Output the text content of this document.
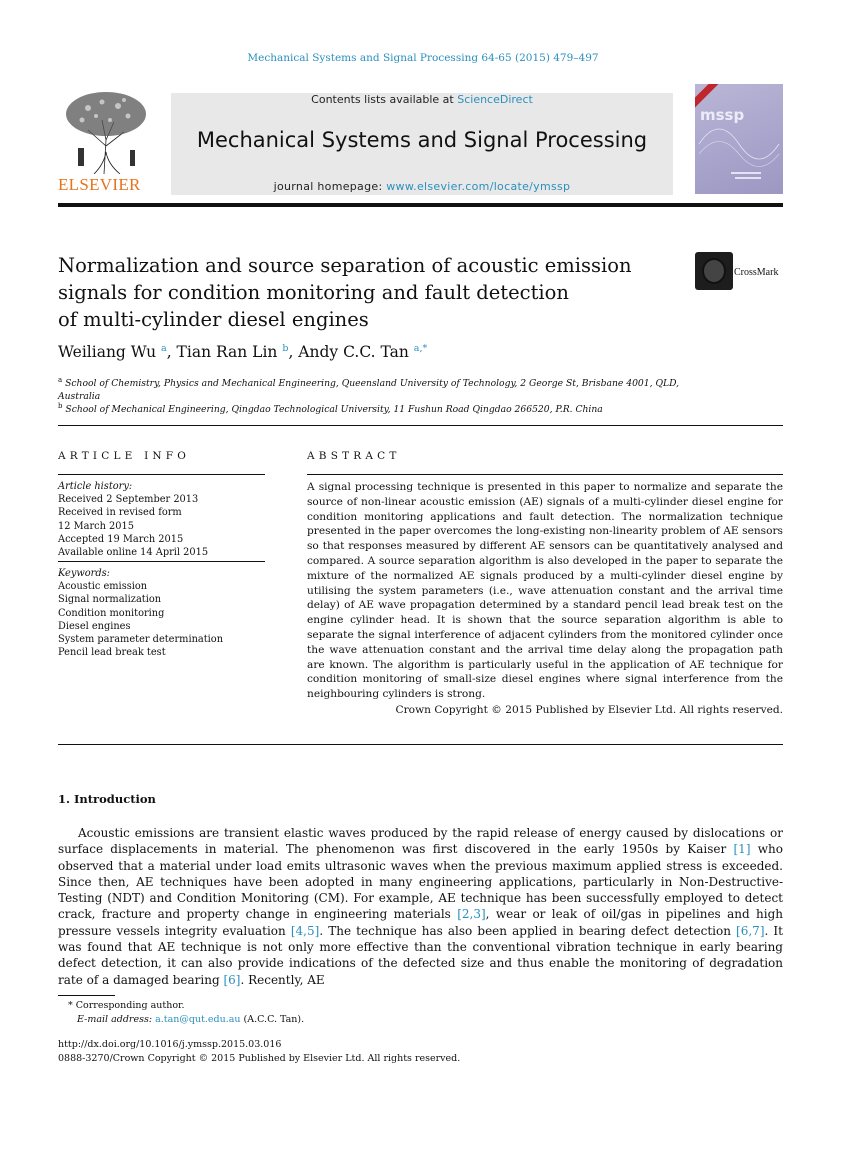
Mechanical Systems and Signal Processing 64-65 (2015) 479–497
ELSEVIER
Contents lists available at ScienceDirect
Mechanical Systems and Signal Processing
journal homepage: www.elsevier.com/locate/ymssp
mssp
Normalization and source separation of acoustic emission
signals for condition monitoring and fault detection
of multi-cylinder diesel engines
CrossMark
Weiliang Wu $^a$, Tian Ran Lin $^b$, Andy C.C. Tan $^{a,*}$
$^a$ School of Chemistry, Physics and Mechanical Engineering, Queensland University of Technology, 2 George St, Brisbane 4001, QLD, Australia
$^b$ School of Mechanical Engineering, Qingdao Technological University, 11 Fushun Road Qingdao 266520, P.R. China
ARTICLE INFO
Article history:
Received 2 September 2013
Received in revised form
12 March 2015
Accepted 19 March 2015
Available online 14 April 2015
Keywords:
Acoustic emission
Signal normalization
Condition monitoring
Diesel engines
System parameter determination
Pencil lead break test
ABSTRACT
A signal processing technique is presented in this paper to normalize and separate the source of non-linear acoustic emission (AE) signals of a multi-cylinder diesel engine for condition monitoring applications and fault detection. The normalization technique presented in the paper overcomes the long-existing non-linearity problem of AE sensors so that responses measured by different AE sensors can be quantitatively analysed and compared. A source separation algorithm is also developed in the paper to separate the mixture of the normalized AE signals produced by a multi-cylinder diesel engine by utilising the system parameters (i.e., wave attenuation constant and the arrival time delay) of AE wave propagation determined by a standard pencil lead break test on the engine cylinder head. It is shown that the source separation algorithm is able to separate the signal interference of adjacent cylinders from the monitored cylinder once the wave attenuation constant and the arrival time delay along the propagation path are known. The algorithm is particularly useful in the application of AE technique for condition monitoring of small-size diesel engines where signal interference from the neighbouring cylinders is strong.
Crown Copyright © 2015 Published by Elsevier Ltd. All rights reserved.
1. Introduction
Acoustic emissions are transient elastic waves produced by the rapid release of energy caused by dislocations or surface displacements in material. The phenomenon was first discovered in the early 1950s by Kaiser [1] who observed that a material under load emits ultrasonic waves when the previous maximum applied stress is exceeded. Since then, AE techniques have been adopted in many engineering applications, particularly in Non-Destructive-Testing (NDT) and Condition Monitoring (CM). For example, AE technique has been successfully employed to detect crack, fracture and property change in engineering materials [2,3], wear or leak of oil/gas in pipelines and high pressure vessels integrity evaluation [4,5]. The technique has also been applied in bearing defect detection [6,7]. It was found that AE technique is not only more effective than the conventional vibration technique in early bearing defect detection, it can also provide indications of the defected size and thus enable the monitoring of degradation rate of a damaged bearing [6]. Recently, AE
* Corresponding author.
E-mail address: a.tan@qut.edu.au (A.C.C. Tan).
http://dx.doi.org/10.1016/j.ymssp.2015.03.016
0888-3270/Crown Copyright © 2015 Published by Elsevier Ltd. All rights reserved.
